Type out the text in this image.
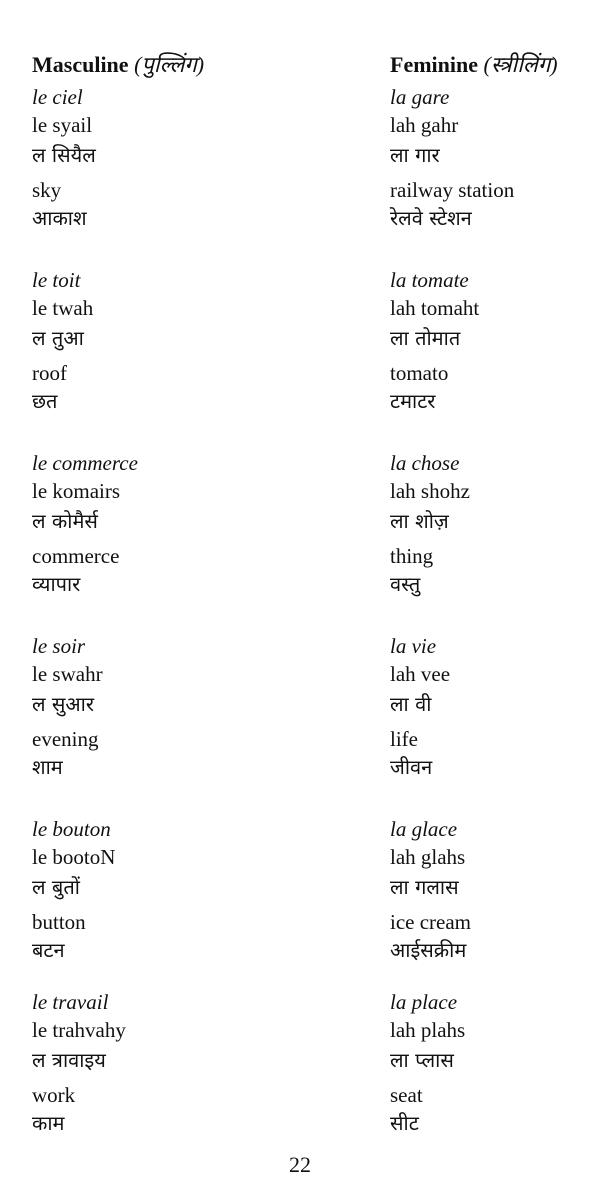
Masculine (पुल्लिंग)
le ciel
le syail
ल सियैल
sky
आकाश
le toit
le twah
ल तुआ
roof
छत
le commerce
le komairs
ल कोमैर्स
commerce
व्यापार
le soir
le swahr
ल सुआर
evening
शाम
le bouton
le bootoN
ल बुतों
button
बटन
le travail
le trahvahy
ल त्रावाइय
work
काम
Feminine (स्त्रीलिंग)
la gare
lah gahr
ला गार
railway station
रेलवे स्टेशन
la tomate
lah tomaht
ला तोमात
tomato
टमाटर
la chose
lah shohz
ला शोज़
thing
वस्तु
la vie
lah vee
ला वी
life
जीवन
la glace
lah glahs
ला गलास
ice cream
आईसक्रीम
la place
lah plahs
ला प्लास
seat
सीट
22
